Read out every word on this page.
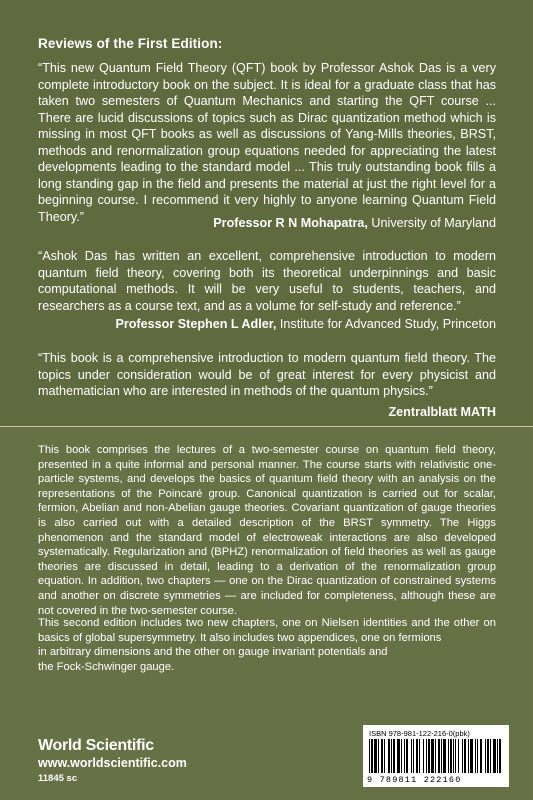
Reviews of the First Edition:
“This new Quantum Field Theory (QFT) book by Professor Ashok Das is a very complete introductory book on the subject. It is ideal for a graduate class that has taken two semesters of Quantum Mechanics and starting the QFT course ... There are lucid discussions of topics such as Dirac quantization method which is missing in most QFT books as well as discussions of Yang-Mills theories, BRST, methods and renormalization group equations needed for appreciating the latest developments leading to the standard model ... This truly outstanding book fills a long standing gap in the field and presents the material at just the right level for a beginning course. I recommend it very highly to anyone learning Quantum Field Theory.”	Professor R N Mohapatra, University of Maryland
“Ashok Das has written an excellent, comprehensive introduction to modern quantum field theory, covering both its theoretical underpinnings and basic computational methods. It will be very useful to students, teachers, and researchers as a course text, and as a volume for self-study and reference.”
Professor Stephen L Adler, Institute for Advanced Study, Princeton
“This book is a comprehensive introduction to modern quantum field theory. The topics under consideration would be of great interest for every physicist and mathematician who are interested in methods of the quantum physics.”
Zentralblatt MATH
This book comprises the lectures of a two-semester course on quantum field theory, presented in a quite informal and personal manner. The course starts with relativistic one-particle systems, and develops the basics of quantum field theory with an analysis on the representations of the Poincaré group. Canonical quantization is carried out for scalar, fermion, Abelian and non-Abelian gauge theories. Covariant quantization of gauge theories is also carried out with a detailed description of the BRST symmetry. The Higgs phenomenon and the standard model of electroweak interactions are also developed systematically. Regularization and (BPHZ) renormalization of field theories as well as gauge theories are discussed in detail, leading to a derivation of the renormalization group equation. In addition, two chapters — one on the Dirac quantization of constrained systems and another on discrete symmetries — are included for completeness, although these are not covered in the two-semester course.
This second edition includes two new chapters, one on Nielsen identities and the other on basics of global supersymmetry. It also includes two appendices, one on fermions
in arbitrary dimensions and the other on gauge invariant potentials and
the Fock-Schwinger gauge.
World Scientific
www.worldscientific.com
11845 sc
ISBN 978-981-122-216-0(pbk)
9 789811 222160
